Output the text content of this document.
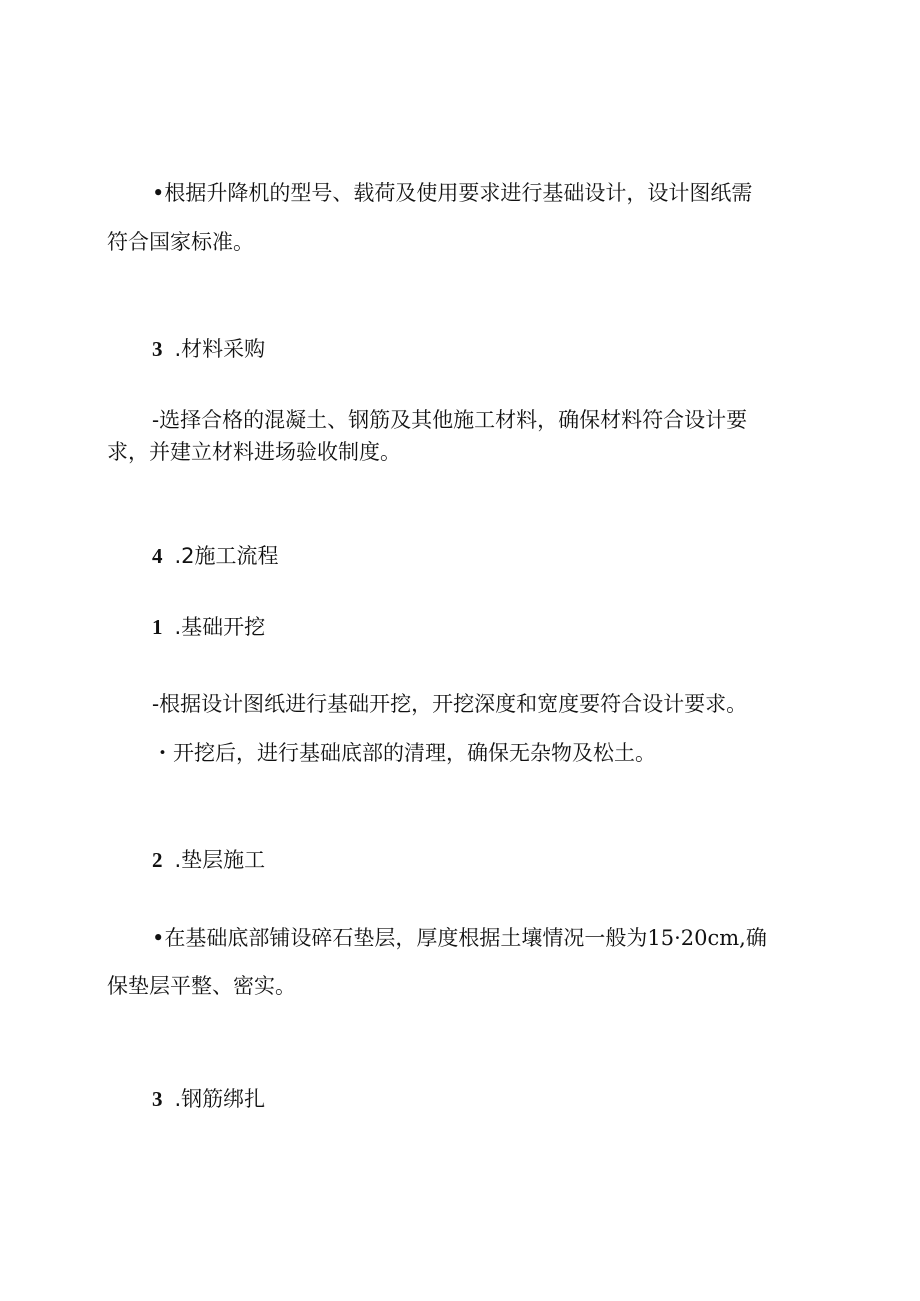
•根据升降机的型号、载荷及使用要求进行基础设计，设计图纸需
符合国家标准。
3 .材料采购
-选择合格的混凝土、钢筋及其他施工材料，确保材料符合设计要
求，并建立材料进场验收制度。
4 .2施工流程
1 .基础开挖
-根据设计图纸进行基础开挖，开挖深度和宽度要符合设计要求。
・开挖后，进行基础底部的清理，确保无杂物及松土。
2 .垫层施工
•在基础底部铺设碎石垫层，厚度根据土壤情况一般为15·20cm,确
保垫层平整、密实。
3 .钢筋绑扎
